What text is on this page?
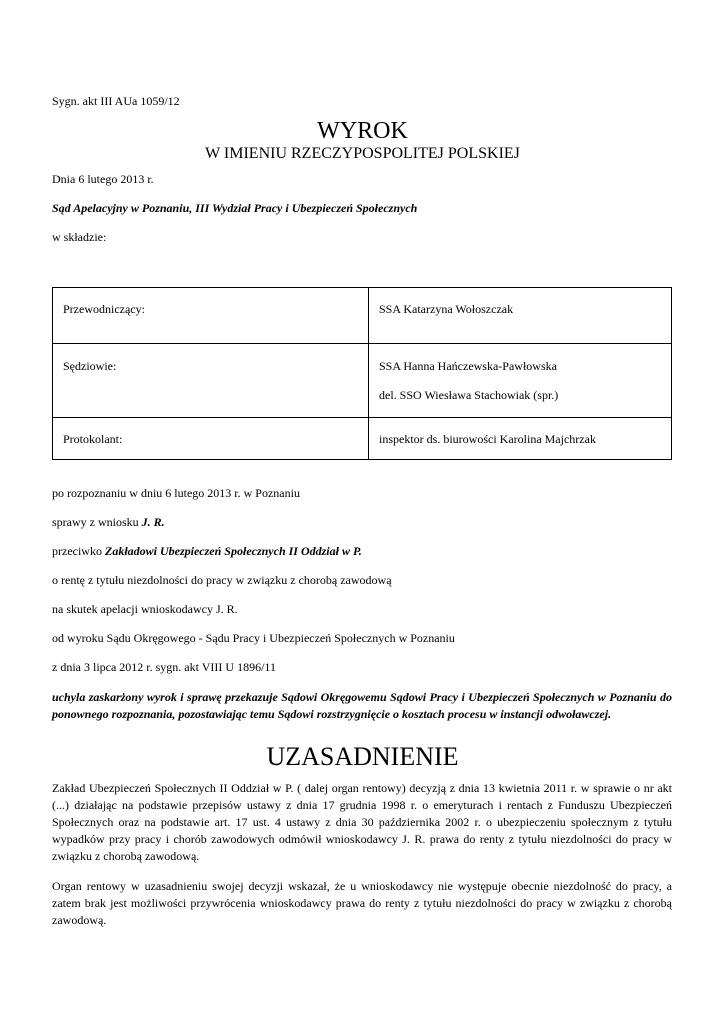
Sygn. akt III AUa 1059/12

WYROK

W IMIENIU RZECZYPOSPOLITEJ POLSKIEJ

Dnia 6 lutego 2013 r.

Sąd Apelacyjny w Poznaniu, III Wydział Pracy i Ubezpieczeń Społecznych

w składzie:

Przewodniczący:	SSA Katarzyna Wołoszczak

Sędziowie:	SSA Hanna Hańczewska-Pawłowska
del. SSO Wiesława Stachowiak (spr.)

Protokolant:	inspektor ds. biurowości Karolina Majchrzak

po rozpoznaniu w dniu 6 lutego 2013 r. w Poznaniu

sprawy z wniosku J. R.

przeciwko Zakładowi Ubezpieczeń Społecznych II Oddział w P.

o rentę z tytułu niezdolności do pracy w związku z chorobą zawodową

na skutek apelacji wnioskodawcy J. R.

od wyroku Sądu Okręgowego - Sądu Pracy i Ubezpieczeń Społecznych w Poznaniu

z dnia 3 lipca 2012 r. sygn. akt VIII U 1896/11

uchyla zaskarżony wyrok i sprawę przekazuje Sądowi Okręgowemu Sądowi Pracy i Ubezpieczeń Społecznych w Poznaniu do ponownego rozpoznania, pozostawiając temu Sądowi rozstrzygnięcie o kosztach procesu w instancji odwoławczej.

UZASADNIENIE

Zakład Ubezpieczeń Społecznych II Oddział w P. ( dalej organ rentowy) decyzją z dnia 13 kwietnia 2011 r. w sprawie o nr akt (...) działając na podstawie przepisów ustawy z dnia 17 grudnia 1998 r. o emeryturach i rentach z Funduszu Ubezpieczeń Społecznych oraz na podstawie art. 17 ust. 4 ustawy z dnia 30 października 2002 r. o ubezpieczeniu społecznym z tytułu wypadków przy pracy i chorób zawodowych odmówił wnioskodawcy J. R. prawa do renty z tytułu niezdolności do pracy w związku z chorobą zawodową.

Organ rentowy w uzasadnieniu swojej decyzji wskazał, że u wnioskodawcy nie występuje obecnie niezdolność do pracy, a zatem brak jest możliwości przywrócenia wnioskodawcy prawa do renty z tytułu niezdolności do pracy w związku z chorobą zawodową.
